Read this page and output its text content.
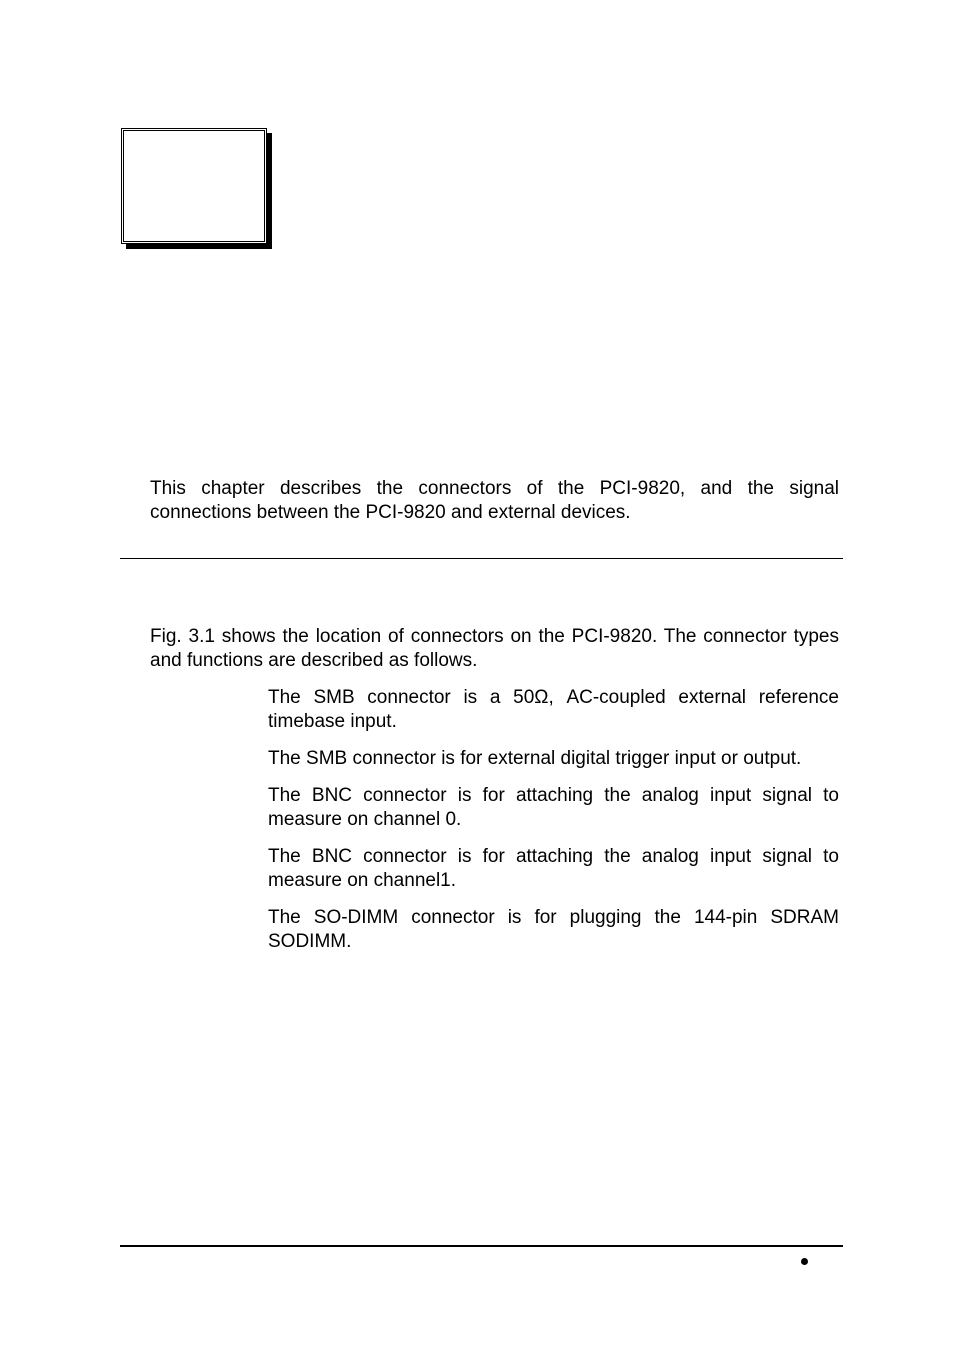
This chapter describes the connectors of the PCI-9820, and the signal connections between the PCI-9820 and external devices.

Fig. 3.1 shows the location of connectors on the PCI-9820. The connector types and functions are described as follows.

The SMB connector is a 50Ω, AC-coupled external reference timebase input.

The SMB connector is for external digital trigger input or output.

The BNC connector is for attaching the analog input signal to measure on channel 0.

The BNC connector is for attaching the analog input signal to measure on channel1.

The SO-DIMM connector is for plugging the 144-pin SDRAM SODIMM.
